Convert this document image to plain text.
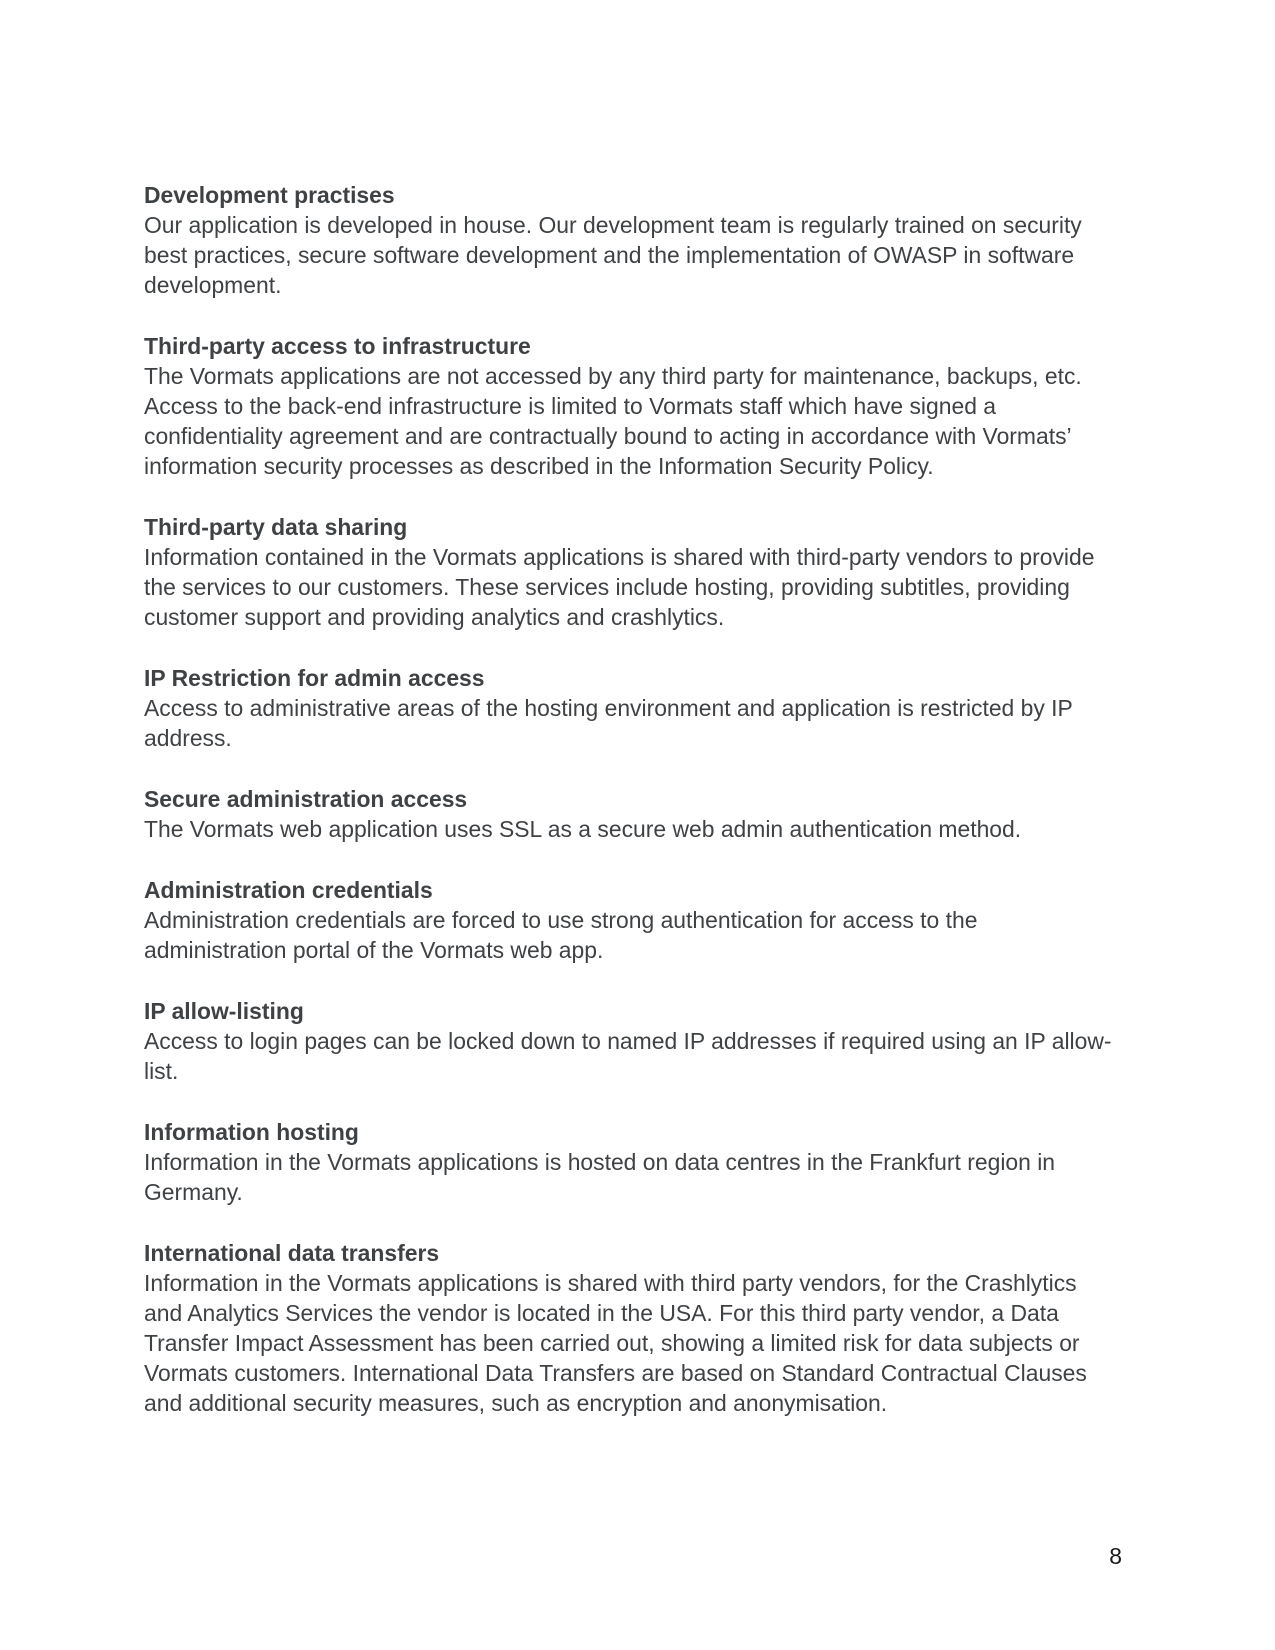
Development practises

Our application is developed in house. Our development team is regularly trained on security best practices, secure software development and the implementation of OWASP in software development.

Third-party access to infrastructure

The Vormats applications are not accessed by any third party for maintenance, backups, etc. Access to the back-end infrastructure is limited to Vormats staff which have signed a confidentiality agreement and are contractually bound to acting in accordance with Vormats’ information security processes as described in the Information Security Policy.

Third-party data sharing

Information contained in the Vormats applications is shared with third-party vendors to provide the services to our customers. These services include hosting, providing subtitles, providing customer support and providing analytics and crashlytics.

IP Restriction for admin access

Access to administrative areas of the hosting environment and application is restricted by IP address.

Secure administration access

The Vormats web application uses SSL as a secure web admin authentication method.

Administration credentials

Administration credentials are forced to use strong authentication for access to the administration portal of the Vormats web app.

IP allow-listing

Access to login pages can be locked down to named IP addresses if required using an IP allow-list.

Information hosting

Information in the Vormats applications is hosted on data centres in the Frankfurt region in Germany.

International data transfers

Information in the Vormats applications is shared with third party vendors, for the Crashlytics and Analytics Services the vendor is located in the USA. For this third party vendor, a Data Transfer Impact Assessment has been carried out, showing a limited risk for data subjects or Vormats customers. International Data Transfers are based on Standard Contractual Clauses and additional security measures, such as encryption and anonymisation.

8
